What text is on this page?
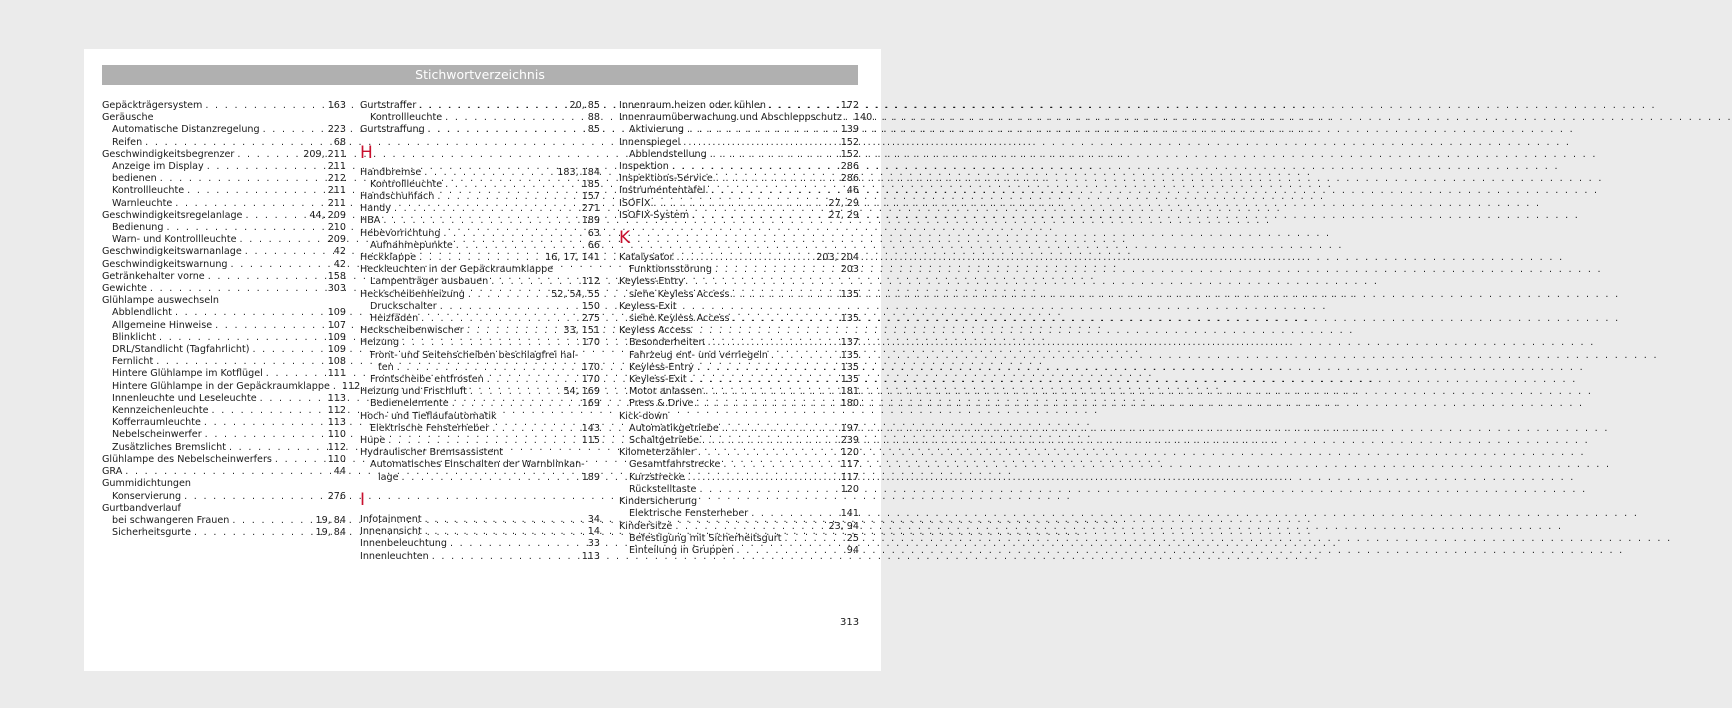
Stichwortverzeichnis
Gepäckträgersystem . . .	163
Geräusche
Automatische Distanzregelung . . .	223
Reifen . . .	68
Geschwindigkeitsbegrenzer . . .	209, 211
Anzeige im Display . . .	211
bedienen . . .	212
Kontrollleuchte . . .	211
Warnleuchte . . .	211
Geschwindigkeitsregelanlage . . .	44, 209
Bedienung . . .	210
Warn- und Kontrollleuchte . . .	209
Geschwindigkeitswarnanlage . . .	42
Geschwindigkeitswarnung . . .	42
Getränkehalter vorne . . .	158
Gewichte . . .	303
Glühlampe auswechseln
Abblendlicht . . .	109
Allgemeine Hinweise . . .	107
Blinklicht . . .	109
DRL/Standlicht (Tagfahrlicht) . . .	109
Fernlicht . . .	108
Hintere Glühlampe im Kotflügel . . .	111
Hintere Glühlampe in der Gepäckraumklappe . . . 112
Innenleuchte und Leseleuchte . . .	113
Kennzeichenleuchte . . .	112
Kofferraumleuchte . . .	113
Nebelscheinwerfer . . .	110
Zusätzliches Bremslicht . . .	112
Glühlampe des Nebelscheinwerfers . . .	110
GRA . . .	44
Gummidichtungen
Konservierung . . .	276
Gurtbandverlauf
bei schwangeren Frauen . . .	19, 84
Sicherheitsgurte . . .	19, 84
Gurtstraffer . . .	20, 85
Kontrollleuchte . . .	88
Gurtstraffung . . .	85
H
Handbremse . . .	183, 184
Kontrollleuchte . . .	185
Handschuhfach . . .	157
Handy . . .	271
HBA . . .	189
Hebevorrichtung . . .	63
Aufnahmepunkte . . .	66
Heckklappe . . .	16, 17, 141
Heckleuchten in der Gepäckraumklappe
Lampenträger ausbauen . . .	112
Heckscheibenheizung . . .	52, 54, 55
Druckschalter . . .	150
Heizfäden . . .	275
Heckscheibenwischer . . .	33, 151
Heizung . . .	170
Front- und Seitenscheiben beschlagfrei hal-
ten . . .	170
Frontscheibe entfrosten . . .	170
Heizung und Frischluft . . .	54, 169
Bedienelemente . . .	169
Hoch- und Tieflaufautomatik
Elektrische Fensterheber . . .	143
Hupe . . .	115
Hydraulischer Bremsassistent
Automatisches Einschalten der Warnblinkan-
lage . . .	189
I
Infotainment . . .	34
Innenansicht . . .	14
Innenbeleuchtung . . .	33
Innenleuchten . . .	113
Innenraum heizen oder kühlen . . .	172
Innenraumüberwachung und Abschleppschutz . . . 140
Aktivierung . . .	139
Innenspiegel . . .	152
Abblendstellung . . .	152
Inspektion . . .	286
Inspektions-Service . . .	286
Instrumententafel. . . .	46
ISOFIX . . .	27, 29
ISOFIX-System . . .	27, 29
K
Katalysator . . .	203, 204
Funktionsstörung . . .	203
Keyless-Entry
siehe Keyless Access . . .	135
Keyless-Exit
siehe Keyless Access . . .	135
Keyless Access
Besonderheiten . . .	137
Fahrzeug ent- und verriegeln . . .	135
Keyless-Entry . . .	135
Keyless-Exit . . .	135
Motor anlassen . . .	181
Press & Drive . . .	180
Kick-down
Automatikgetriebe . . .	197
Schaltgetriebe . . .	239
Kilometerzähler . . .	120
Gesamtfahrstrecke . . .	117
Kurzstrecke . . .	117
Rückstelltaste . . .	120
Kindersicherung
Elektrische Fensterheber . . .	141
Kindersitze . . .	23, 94
Befestigung mit Sicherheitsgurt . . .	25
Einteilung in Gruppen . . .	94
313
